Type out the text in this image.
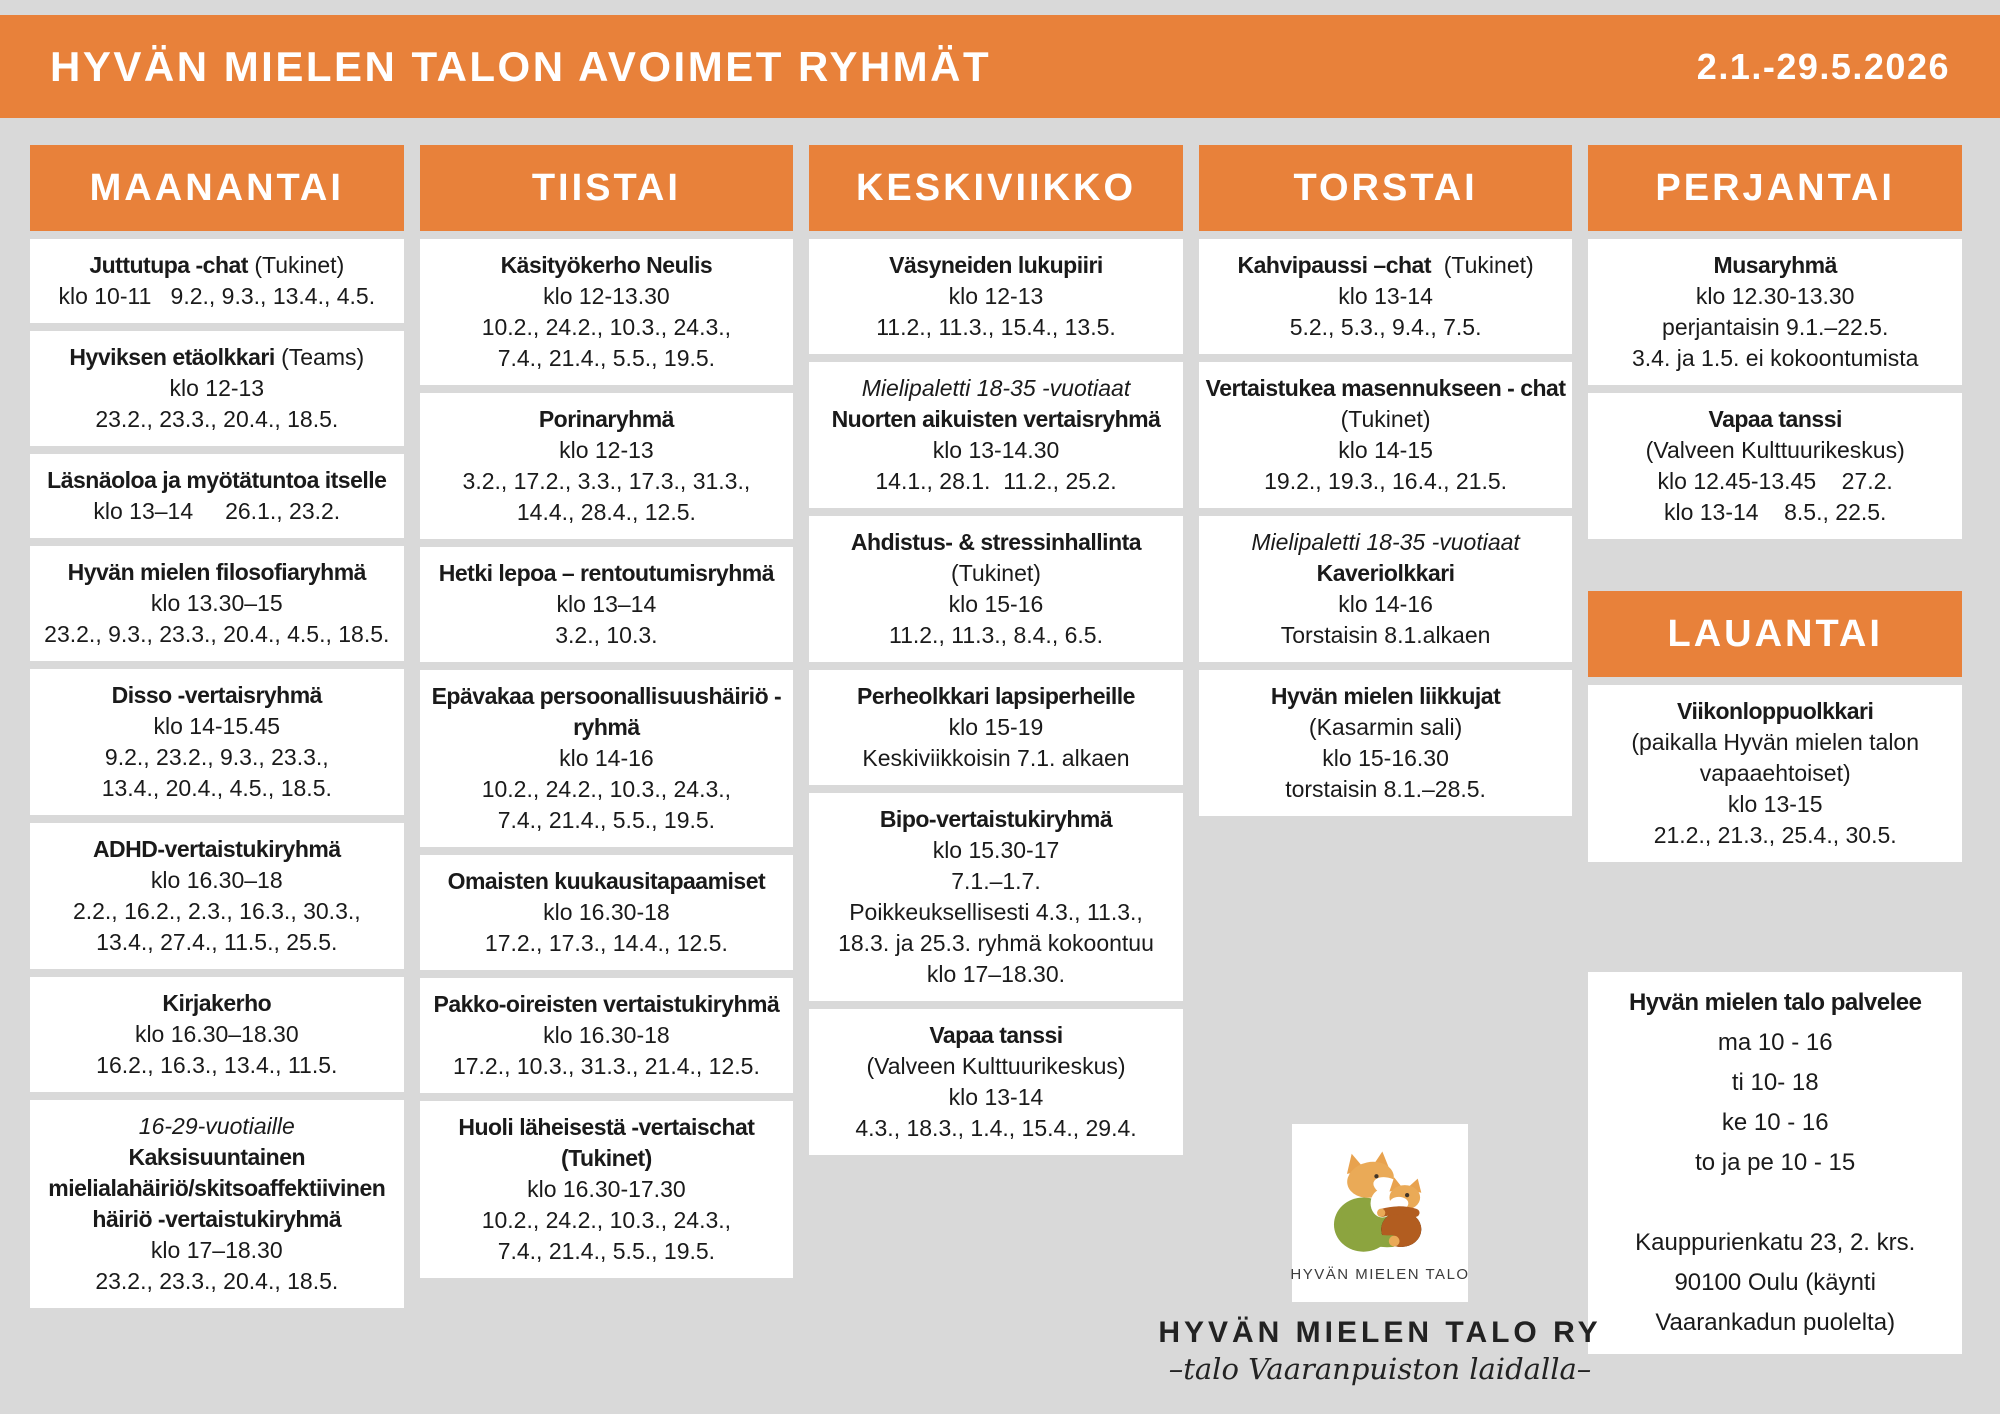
HYVÄN MIELEN TALON AVOIMET RYHMÄT	2.1.-29.5.2026
MAANANTAI
Juttutupa -chat (Tukinet)
klo 10-11   9.2., 9.3., 13.4., 4.5.
Hyviksen etäolkkari (Teams)
klo 12-13
23.2., 23.3., 20.4., 18.5.
Läsnäoloa ja myötätuntoa itselle
klo 13–14     26.1., 23.2.
Hyvän mielen filosofiaryhmä
klo 13.30–15
23.2., 9.3., 23.3., 20.4., 4.5., 18.5.
Disso -vertaisryhmä
klo 14-15.45
9.2., 23.2., 9.3., 23.3.,
13.4., 20.4., 4.5., 18.5.
ADHD-vertaistukiryhmä
klo 16.30–18
2.2., 16.2., 2.3., 16.3., 30.3.,
13.4., 27.4., 11.5., 25.5.
Kirjakerho
klo 16.30–18.30
16.2., 16.3., 13.4., 11.5.
16-29-vuotiaille
Kaksisuuntainen mielialahäiriö/skitsoaffektiivinen häiriö -vertaistukiryhmä
klo 17–18.30
23.2., 23.3., 20.4., 18.5.
TIISTAI
Käsityökerho Neulis
klo 12-13.30
10.2., 24.2., 10.3., 24.3.,
7.4., 21.4., 5.5., 19.5.
Porinaryhmä
klo 12-13
3.2., 17.2., 3.3., 17.3., 31.3.,
14.4., 28.4., 12.5.
Hetki lepoa – rentoutumisryhmä
klo 13–14
3.2., 10.3.
Epävakaa persoonallisuushäiriö -ryhmä
klo 14-16
10.2., 24.2., 10.3., 24.3.,
7.4., 21.4., 5.5., 19.5.
Omaisten kuukausitapaamiset
klo 16.30-18
17.2., 17.3., 14.4., 12.5.
Pakko-oireisten vertaistukiryhmä
klo 16.30-18
17.2., 10.3., 31.3., 21.4., 12.5.
Huoli läheisestä -vertaischat (Tukinet)
klo 16.30-17.30
10.2., 24.2., 10.3., 24.3.,
7.4., 21.4., 5.5., 19.5.
KESKIVIIKKO
Väsyneiden lukupiiri
klo 12-13
11.2., 11.3., 15.4., 13.5.
Mielipaletti 18-35 -vuotiaat
Nuorten aikuisten vertaisryhmä
klo 13-14.30
14.1., 28.1.  11.2., 25.2.
Ahdistus- & stressinhallinta
(Tukinet)
klo 15-16
11.2., 11.3., 8.4., 6.5.
Perheolkkari lapsiperheille
klo 15-19
Keskiviikkoisin 7.1. alkaen
Bipo-vertaistukiryhmä
klo 15.30-17
7.1.–1.7.
Poikkeuksellisesti 4.3., 11.3.,
18.3. ja 25.3. ryhmä kokoontuu
klo 17–18.30.
Vapaa tanssi
(Valveen Kulttuurikeskus)
klo 13-14
4.3., 18.3., 1.4., 15.4., 29.4.
TORSTAI
Kahvipaussi –chat  (Tukinet)
klo 13-14
5.2., 5.3., 9.4., 7.5.
Vertaistukea masennukseen - chat  (Tukinet)
klo 14-15
19.2., 19.3., 16.4., 21.5.
Mielipaletti 18-35 -vuotiaat
Kaveriolkkari
klo 14-16
Torstaisin 8.1.alkaen
Hyvän mielen liikkujat
(Kasarmin sali)
klo 15-16.30
torstaisin 8.1.–28.5.
PERJANTAI
Musaryhmä
klo 12.30-13.30
perjantaisin 9.1.–22.5.
3.4. ja 1.5. ei kokoontumista
Vapaa tanssi
(Valveen Kulttuurikeskus)
klo 12.45-13.45    27.2.
klo 13-14    8.5., 22.5.
LAUANTAI
Viikonloppuolkkari
(paikalla Hyvän mielen talon vapaaehtoiset)
klo 13-15
21.2., 21.3., 25.4., 30.5.
Hyvän mielen talo palvelee
ma 10 - 16
ti 10- 18
ke 10 - 16
to ja pe 10 - 15

Kauppurienkatu 23, 2. krs.
90100 Oulu (käynti
Vaarankadun puolelta)
HYVÄN MIELEN TALO
HYVÄN MIELEN TALO RY
–talo Vaaranpuiston laidalla–
